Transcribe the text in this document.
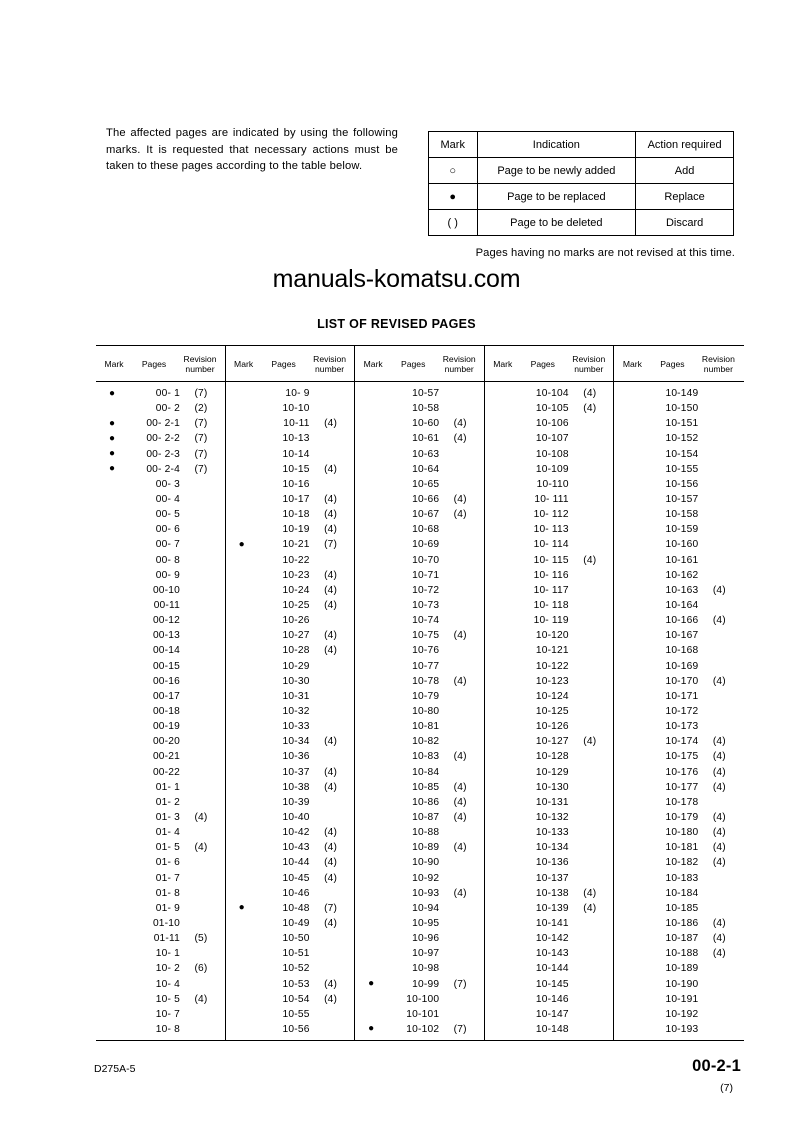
The affected pages are indicated by using the following marks. It is requested that necessary actions must be taken to these pages according to the table below.
Mark	Indication	Action required
○	Page to be newly added	Add
●	Page to be replaced	Replace
( )	Page to be deleted	Discard
Pages having no marks are not revised at this time.
manuals-komatsu.com
LIST OF REVISED PAGES
Mark	Pages
Revision
number
●	00- 1	(7)
00- 2	(2)
●	00- 2-1	(7)
●	00- 2-2	(7)
●	00- 2-3	(7)
●	00- 2-4	(7)
00- 3
00- 4
00- 5
00- 6
00- 7
00- 8
00- 9
00-10
00-11
00-12
00-13
00-14
00-15
00-16
00-17
00-18
00-19
00-20
00-21
00-22
01- 1
01- 2
01- 3	(4)
01- 4
01- 5	(4)
01- 6
01- 7
01- 8
01- 9
01-10
01-11	(5)
10- 1
10- 2	(6)
10- 4
10- 5	(4)
10- 7
10- 8
Mark	Pages
Revision
number
10- 9
10-10
10-11	(4)
10-13
10-14
10-15	(4)
10-16
10-17	(4)
10-18	(4)
10-19	(4)
●	10-21	(7)
10-22
10-23	(4)
10-24	(4)
10-25	(4)
10-26
10-27	(4)
10-28	(4)
10-29
10-30
10-31
10-32
10-33
10-34	(4)
10-36
10-37	(4)
10-38	(4)
10-39
10-40
10-42	(4)
10-43	(4)
10-44	(4)
10-45	(4)
10-46
●	10-48	(7)
10-49	(4)
10-50
10-51
10-52
10-53	(4)
10-54	(4)
10-55
10-56
Mark	Pages
Revision
number
10-57
10-58
10-60	(4)
10-61	(4)
10-63
10-64
10-65
10-66	(4)
10-67	(4)
10-68
10-69
10-70
10-71
10-72
10-73
10-74
10-75	(4)
10-76
10-77
10-78	(4)
10-79
10-80
10-81
10-82
10-83	(4)
10-84
10-85	(4)
10-86	(4)
10-87	(4)
10-88
10-89	(4)
10-90
10-92
10-93	(4)
10-94
10-95
10-96
10-97
10-98
●	10-99	(7)
10-100
10-101
●	10-102	(7)
Mark	Pages
Revision
number
10-104	(4)
10-105	(4)
10-106
10-107
10-108
10-109
10-110
10- 111
10- 112
10- 113
10- 114
10- 115	(4)
10- 116
10- 117
10- 118
10- 119
10-120
10-121
10-122
10-123
10-124
10-125
10-126
10-127	(4)
10-128
10-129
10-130
10-131
10-132
10-133
10-134
10-136
10-137
10-138	(4)
10-139	(4)
10-141
10-142
10-143
10-144
10-145
10-146
10-147
10-148
Mark	Pages
Revision
number
10-149
10-150
10-151
10-152
10-154
10-155
10-156
10-157
10-158
10-159
10-160
10-161
10-162
10-163	(4)
10-164
10-166	(4)
10-167
10-168
10-169
10-170	(4)
10-171
10-172
10-173
10-174	(4)
10-175	(4)
10-176	(4)
10-177	(4)
10-178
10-179	(4)
10-180	(4)
10-181	(4)
10-182	(4)
10-183
10-184
10-185
10-186	(4)
10-187	(4)
10-188	(4)
10-189
10-190
10-191
10-192
10-193
D275A-5	00-2-1
(7)
